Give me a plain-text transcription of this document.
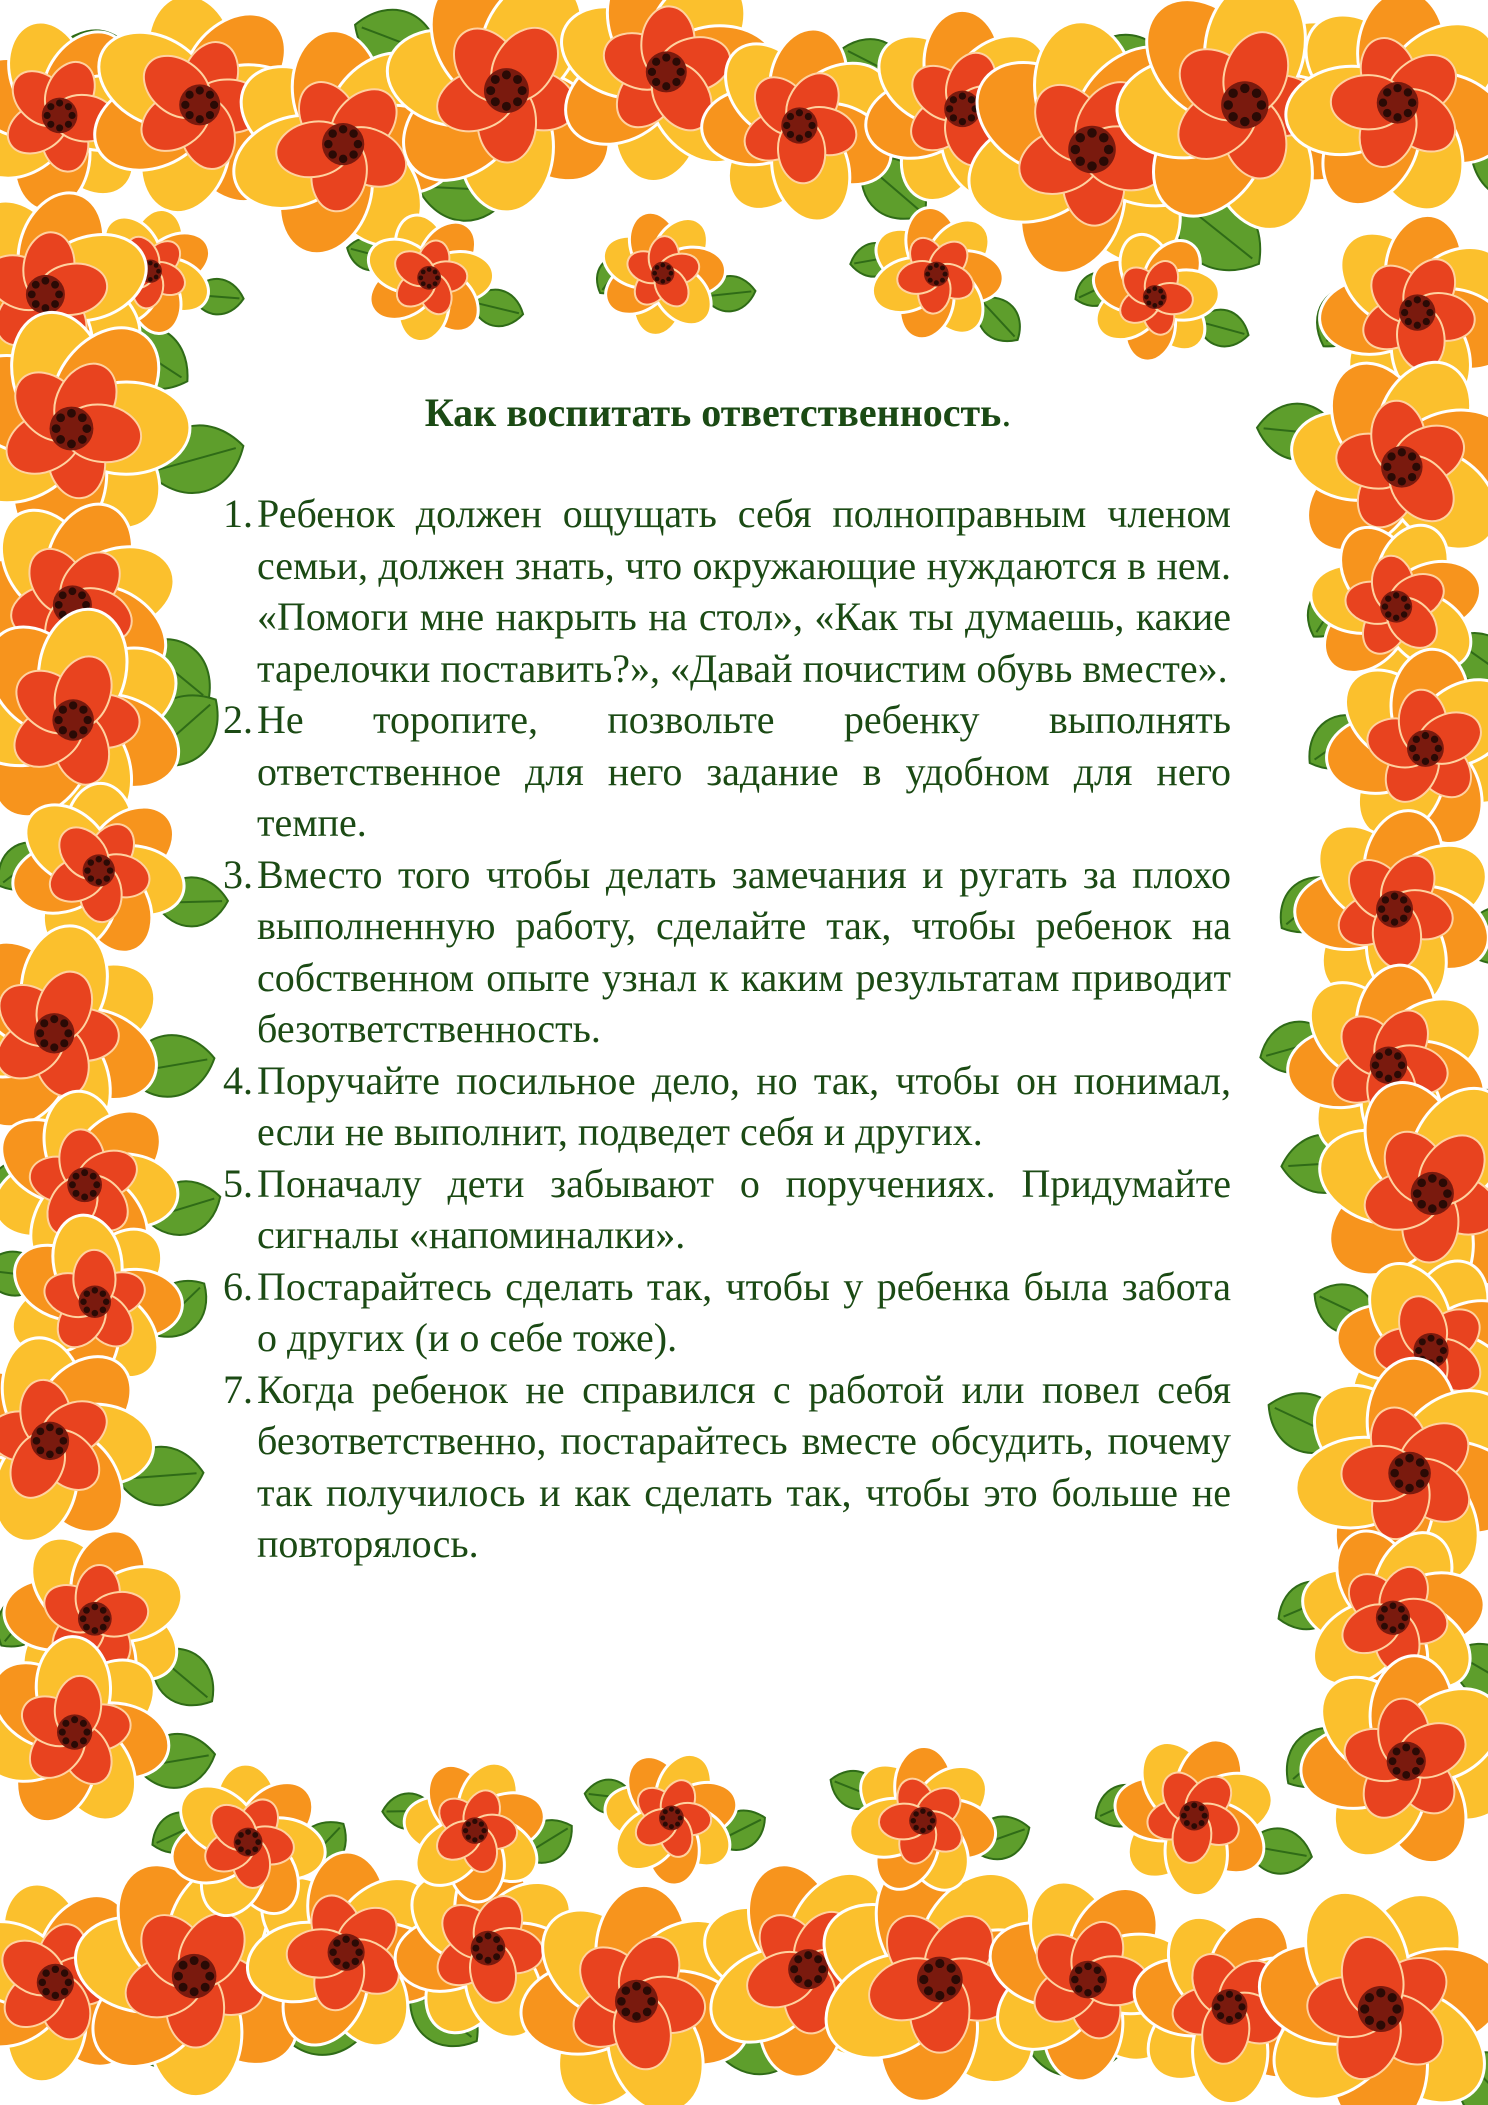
Как воспитать ответственность.
1. Ребенок должен ощущать себя полноправным членом семьи, должен знать, что окружающие нуждаются в нем. «Помоги мне накрыть на стол», «Как ты думаешь, какие тарелочки поставить?», «Давай почистим обувь вместе».
2. Не торопите, позвольте ребенку выполнять ответственное для него задание в удобном для него темпе.
3. Вместо того чтобы делать замечания и ругать за плохо выполненную работу, сделайте так, чтобы ребенок на собственном опыте узнал к каким результатам приводит безответственность.
4. Поручайте посильное дело, но так, чтобы он понимал, если не выполнит, подведет себя и других.
5. Поначалу дети забывают о поручениях. Придумайте сигналы «напоминалки».
6. Постарайтесь сделать так, чтобы у ребенка была забота о других (и о себе тоже).
7. Когда ребенок не справился с работой или повел себя безответственно, постарайтесь вместе обсудить, почему так получилось и как сделать так, чтобы это больше не повторялось.
